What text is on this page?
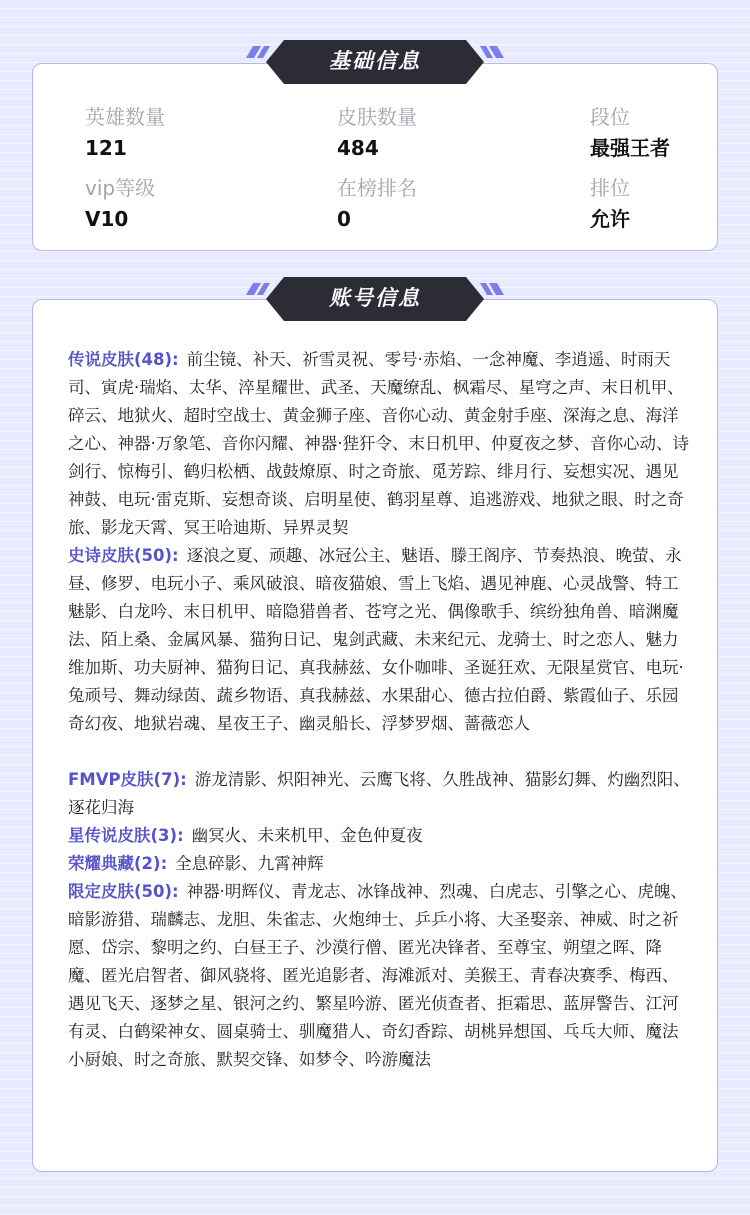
基础信息
英雄数量
121
皮肤数量
484
段位
最强王者
vip等级
V10
在榜排名
0
排位
允许
账号信息
传说皮肤(48): 前尘镜、补天、祈雪灵祝、零号·赤焰、一念神魔、李逍遥、时雨天司、寅虎·瑞焰、太华、淬星耀世、武圣、天魔缭乱、枫霜尽、星穹之声、末日机甲、碎云、地狱火、超时空战士、黄金狮子座、音你心动、黄金射手座、深海之息、海洋之心、神器·万象笔、音你闪耀、神器·狴犴令、末日机甲、仲夏夜之梦、音你心动、诗剑行、惊梅引、鹤归松栖、战鼓燎原、时之奇旅、觅芳踪、绯月行、妄想实况、遇见神鼓、电玩·雷克斯、妄想奇谈、启明星使、鹤羽星尊、追逃游戏、地狱之眼、时之奇旅、影龙天霄、冥王哈迪斯、异界灵契
史诗皮肤(50): 逐浪之夏、顽趣、冰冠公主、魅语、滕王阁序、节奏热浪、晚萤、永昼、修罗、电玩小子、乘风破浪、暗夜猫娘、雪上飞焰、遇见神鹿、心灵战警、特工魅影、白龙吟、末日机甲、暗隐猎兽者、苍穹之光、偶像歌手、缤纷独角兽、暗渊魔法、陌上桑、金属风暴、猫狗日记、鬼剑武藏、未来纪元、龙骑士、时之恋人、魅力维加斯、功夫厨神、猫狗日记、真我赫兹、女仆咖啡、圣诞狂欢、无限星赏官、电玩·兔顽号、舞动绿茵、蔬乡物语、真我赫兹、水果甜心、德古拉伯爵、紫霞仙子、乐园奇幻夜、地狱岩魂、星夜王子、幽灵船长、浮梦罗烟、蔷薇恋人
FMVP皮肤(7): 游龙清影、炽阳神光、云鹰飞将、久胜战神、猫影幻舞、灼幽烈阳、逐花归海
星传说皮肤(3): 幽冥火、未来机甲、金色仲夏夜
荣耀典藏(2): 全息碎影、九霄神辉
限定皮肤(50): 神器·明辉仪、青龙志、冰锋战神、烈魂、白虎志、引擎之心、虎魄、暗影游猎、瑞麟志、龙胆、朱雀志、火炮绅士、乒乒小将、大圣娶亲、神威、时之祈愿、岱宗、黎明之约、白昼王子、沙漠行僧、匿光决锋者、至尊宝、朔望之晖、降魔、匿光启智者、御风骁将、匿光追影者、海滩派对、美猴王、青春决赛季、梅西、遇见飞天、逐梦之星、银河之约、繁星吟游、匿光侦查者、拒霜思、蓝屏警告、江河有灵、白鹤梁神女、圆桌骑士、驯魔猎人、奇幻香踪、胡桃异想国、乓乓大师、魔法小厨娘、时之奇旅、默契交锋、如梦令、吟游魔法
